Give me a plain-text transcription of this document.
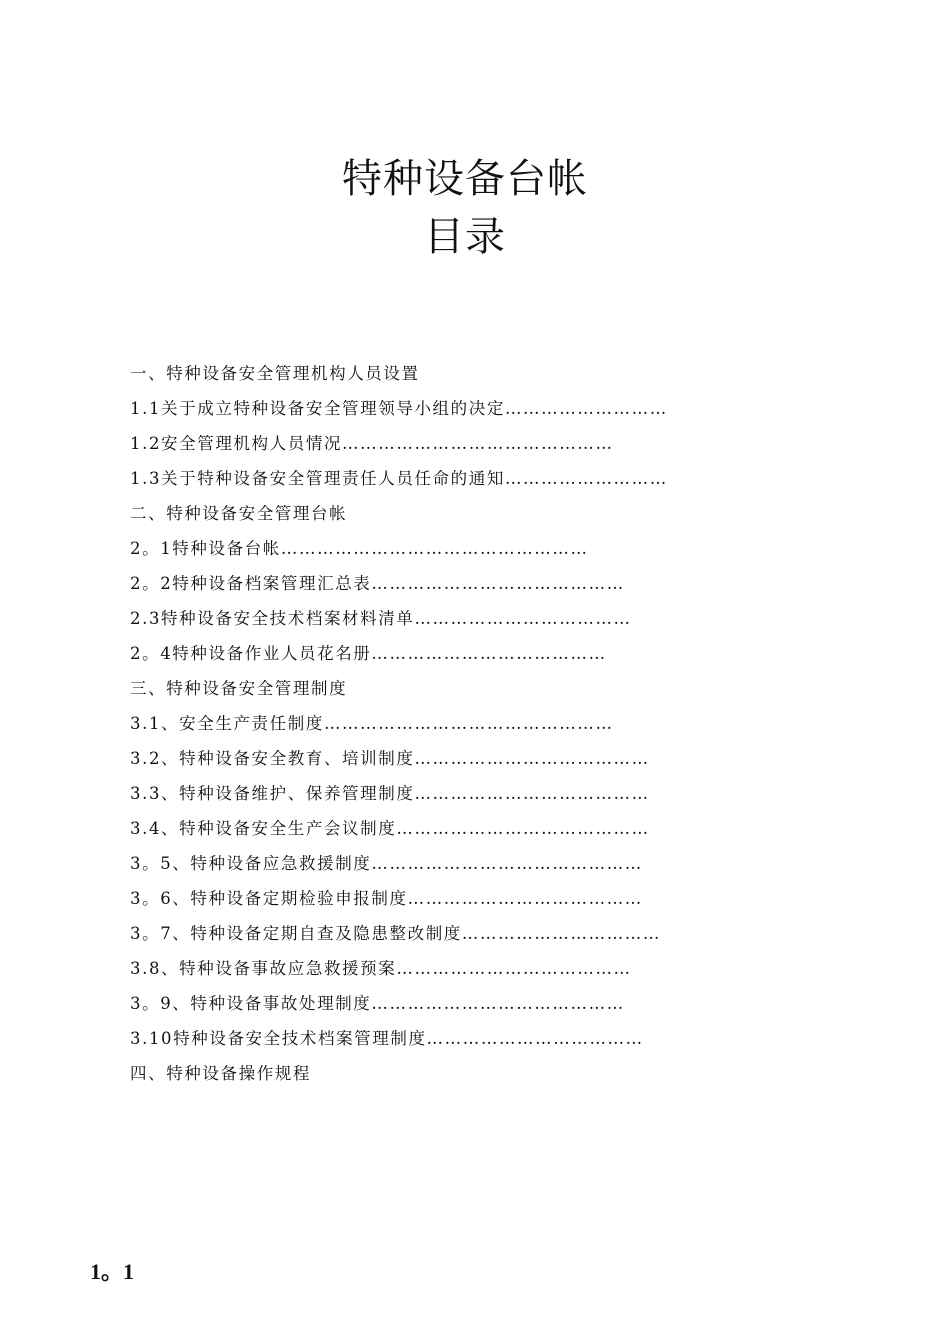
特种设备台帐
目录
一、特种设备安全管理机构人员设置
1.1关于成立特种设备安全管理领导小组的决定………………………
1.2安全管理机构人员情况………………………………………
1.3关于特种设备安全管理责任人员任命的通知………………………
二、特种设备安全管理台帐
2。1特种设备台帐……………………………………………
2。2特种设备档案管理汇总表……………………………………
2.3特种设备安全技术档案材料清单………………………………
2。4特种设备作业人员花名册…………………………………
三、特种设备安全管理制度
3.1、安全生产责任制度…………………………………………
3.2、特种设备安全教育、培训制度…………………………………
3.3、特种设备维护、保养管理制度…………………………………
3.4、特种设备安全生产会议制度……………………………………
3。5、特种设备应急救援制度………………………………………
3。6、特种设备定期检验申报制度…………………………………
3。7、特种设备定期自查及隐患整改制度……………………………
3.8、特种设备事故应急救援预案…………………………………
3。9、特种设备事故处理制度……………………………………
3.10特种设备安全技术档案管理制度………………………………
四、特种设备操作规程
1。1
